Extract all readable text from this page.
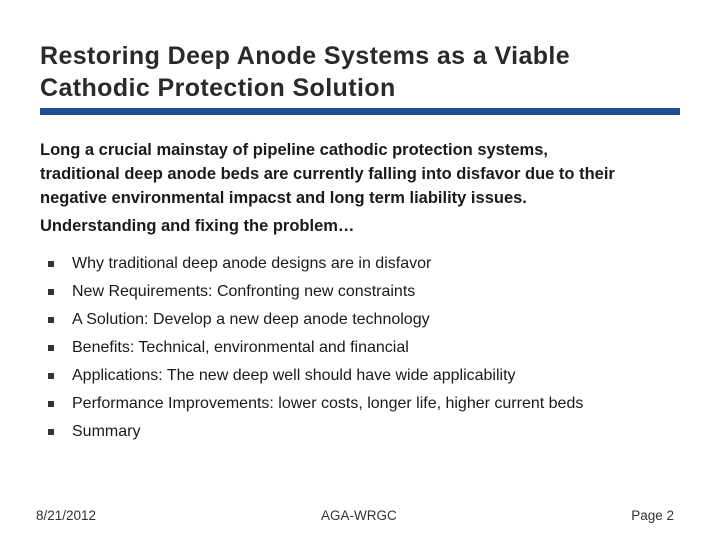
Restoring Deep Anode Systems as a Viable
Cathodic Protection Solution
Long a crucial mainstay of pipeline cathodic protection systems,
traditional deep anode beds are currently falling into disfavor due to their
negative environmental impacst and long term liability issues.
Understanding and fixing the problem…
Why traditional deep anode designs are in disfavor
New Requirements: Confronting new constraints
A Solution: Develop a new deep anode technology
Benefits: Technical, environmental and financial
Applications: The new deep well should have wide applicability
Performance Improvements: lower costs, longer life, higher current beds
Summary
8/21/2012	AGA-WRGC	Page 2
